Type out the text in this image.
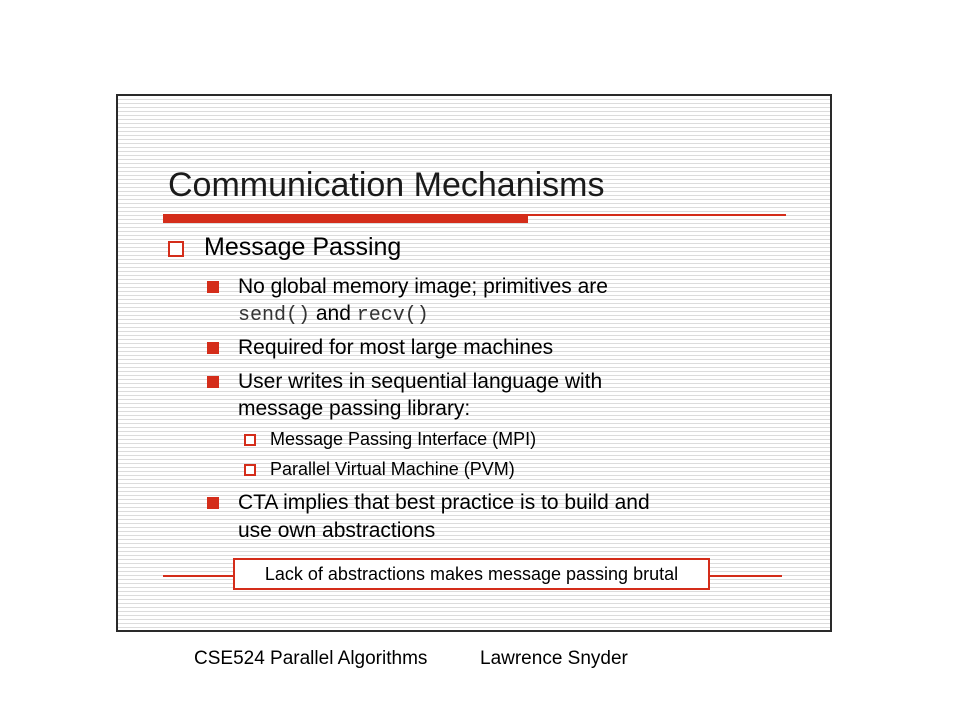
Communication Mechanisms
Message Passing
No global memory image; primitives are
send() and recv()
Required for most large machines
User writes in sequential language with
message passing library:
Message Passing Interface (MPI)
Parallel Virtual Machine (PVM)
CTA implies that best practice is to build and
use own abstractions
Lack of abstractions makes message passing brutal
CSE524 Parallel Algorithms	Lawrence Snyder
